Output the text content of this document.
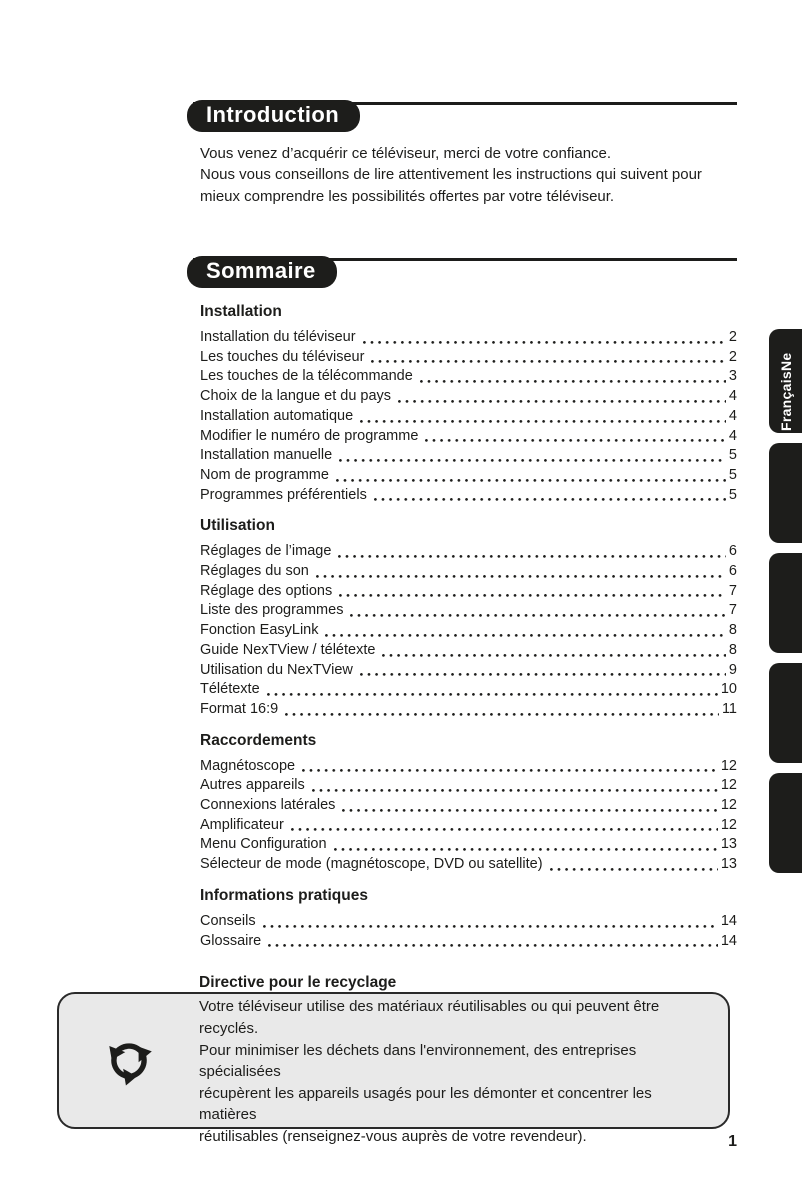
Introduction
Vous venez d’acquérir ce téléviseur, merci de votre confiance.
Nous vous conseillons de lire attentivement les instructions qui suivent pour
mieux comprendre les possibilités offertes par votre téléviseur.
Sommaire
Installation
Installation du téléviseur	2
Les touches du téléviseur	2
Les touches de la télécommande	3
Choix de la langue et du pays	4
Installation automatique	4
Modifier le numéro de programme	4
Installation manuelle	5
Nom de programme	5
Programmes préférentiels	5
Utilisation
Réglages de l’image	6
Réglages du son	6
Réglage des options	7
Liste des programmes	7
Fonction EasyLink	8
Guide NexTView / télétexte	8
Utilisation du NexTView	9
Télétexte	10
Format 16:9	11
Raccordements
Magnétoscope	12
Autres appareils	12
Connexions latérales	12
Amplificateur	12
Menu Configuration	13
Sélecteur de mode (magnétoscope, DVD ou satellite)	13
Informations pratiques
Conseils	14
Glossaire	14
Directive pour le recyclage
Votre téléviseur utilise des matériaux réutilisables ou qui peuvent être recyclés.
Pour minimiser les déchets dans l'environnement, des entreprises spécialisées
récupèrent les appareils usagés pour les démonter et concentrer les matières
réutilisables (renseignez-vous auprès de votre revendeur).	1
FrançaisNe
